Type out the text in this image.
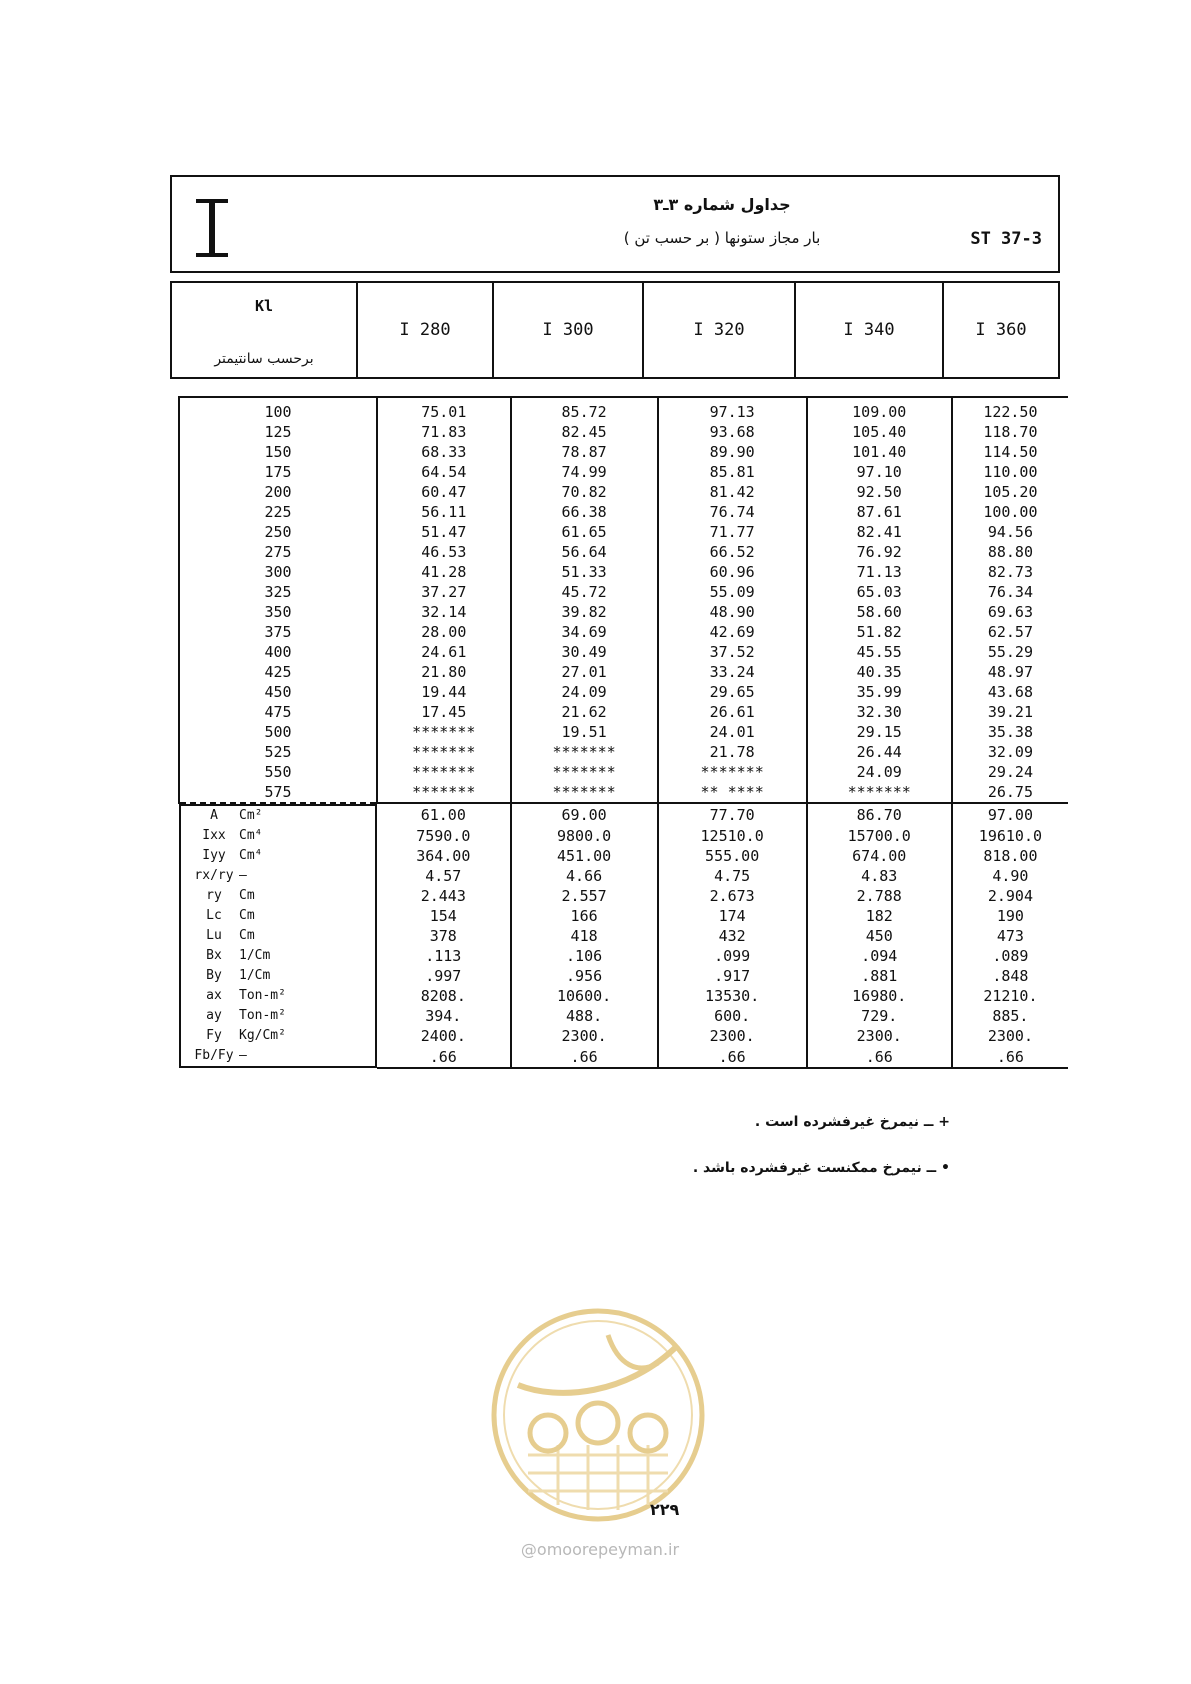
جداول شماره ۳ـ۳
بار مجاز ستونها ( بر حسب تن )	ST 37-3
Kl
برحسب سانتیمتر
I 280	I 300	I 320	I 340	I 360
100	75.01	85.72	97.13	109.00	122.50
125	71.83	82.45	93.68	105.40	118.70
150	68.33	78.87	89.90	101.40	114.50
175	64.54	74.99	85.81	97.10	110.00
200	60.47	70.82	81.42	92.50	105.20
225	56.11	66.38	76.74	87.61	100.00
250	51.47	61.65	71.77	82.41	94.56
275	46.53	56.64	66.52	76.92	88.80
300	41.28	51.33	60.96	71.13	82.73
325	37.27	45.72	55.09	65.03	76.34
350	32.14	39.82	48.90	58.60	69.63
375	28.00	34.69	42.69	51.82	62.57
400	24.61	30.49	37.52	45.55	55.29
425	21.80	27.01	33.24	40.35	48.97
450	19.44	24.09	29.65	35.99	43.68
475	17.45	21.62	26.61	32.30	39.21
500	*******	19.51	24.01	29.15	35.38
525	*******	*******	21.78	26.44	32.09
550	*******	*******	*******	24.09	29.24
575	*******	*******	** ****	*******	26.75

A	Cm²	61.00	69.00	77.70	86.70	97.00

Ixx	Cm⁴	7590.0	9800.0	12510.0	15700.0	19610.0

Iyy	Cm⁴	364.00	451.00	555.00	674.00	818.00

rx/ry —	4.57	4.66	4.75	4.83	4.90

ry	Cm	2.443	2.557	2.673	2.788	2.904

Lc	Cm	154	166	174	182	190

Lu	Cm	378	418	432	450	473

Bx	1/Cm	.113	.106	.099	.094	.089

By	1/Cm	.997	.956	.917	.881	.848

ax	Ton-m²	8208.	10600.	13530.	16980.	21210.

ay	Ton-m²	394.	488.	600.	729.	885.

Fy	Kg/Cm²	2400.	2300.	2300.	2300.	2300.

Fb/Fy —	.66	.66	.66	.66	.66
+ ــ نیمرخ غیرفشرده است .
• ــ نیمرخ ممکنست غیرفشرده باشد .
۲۲۹
@omoorepeyman.ir
